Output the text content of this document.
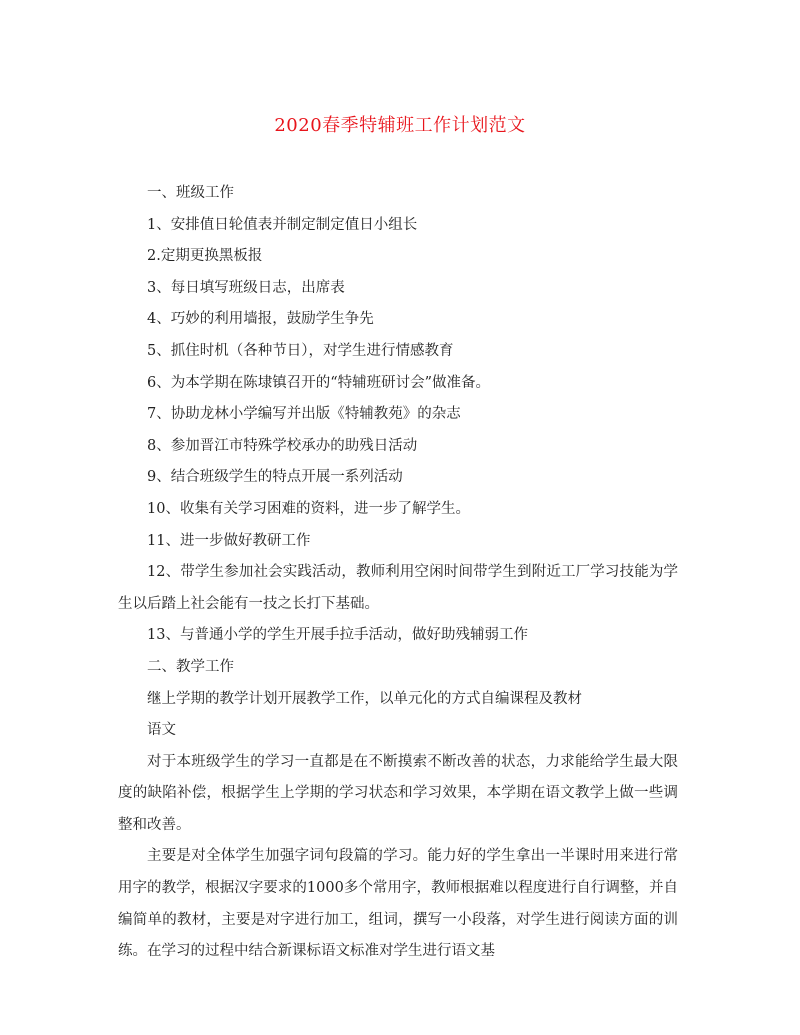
2020春季特辅班工作计划范文
一、班级工作
1、安排值日轮值表并制定制定值日小组长
2.定期更换黑板报
3、每日填写班级日志，出席表
4、巧妙的利用墙报，鼓励学生争先
5、抓住时机（各种节日），对学生进行情感教育
6、为本学期在陈埭镇召开的“特辅班研讨会”做准备。
7、协助龙林小学编写并出版《特辅教苑》的杂志
8、参加晋江市特殊学校承办的助残日活动
9、结合班级学生的特点开展一系列活动
10、收集有关学习困难的资料，进一步了解学生。
11、进一步做好教研工作
12、带学生参加社会实践活动，教师利用空闲时间带学生到附近工厂学习技能为学生以后踏上社会能有一技之长打下基础。
13、与普通小学的学生开展手拉手活动，做好助残辅弱工作
二、教学工作
继上学期的教学计划开展教学工作，以单元化的方式自编课程及教材
语文
对于本班级学生的学习一直都是在不断摸索不断改善的状态，力求能给学生最大限度的缺陷补偿，根据学生上学期的学习状态和学习效果，本学期在语文教学上做一些调整和改善。
主要是对全体学生加强字词句段篇的学习。能力好的学生拿出一半课时用来进行常用字的教学，根据汉字要求的1000多个常用字，教师根据难以程度进行自行调整，并自编简单的教材，主要是对字进行加工，组词，撰写一小段落，对学生进行阅读方面的训练。在学习的过程中结合新课标语文标准对学生进行语文基
